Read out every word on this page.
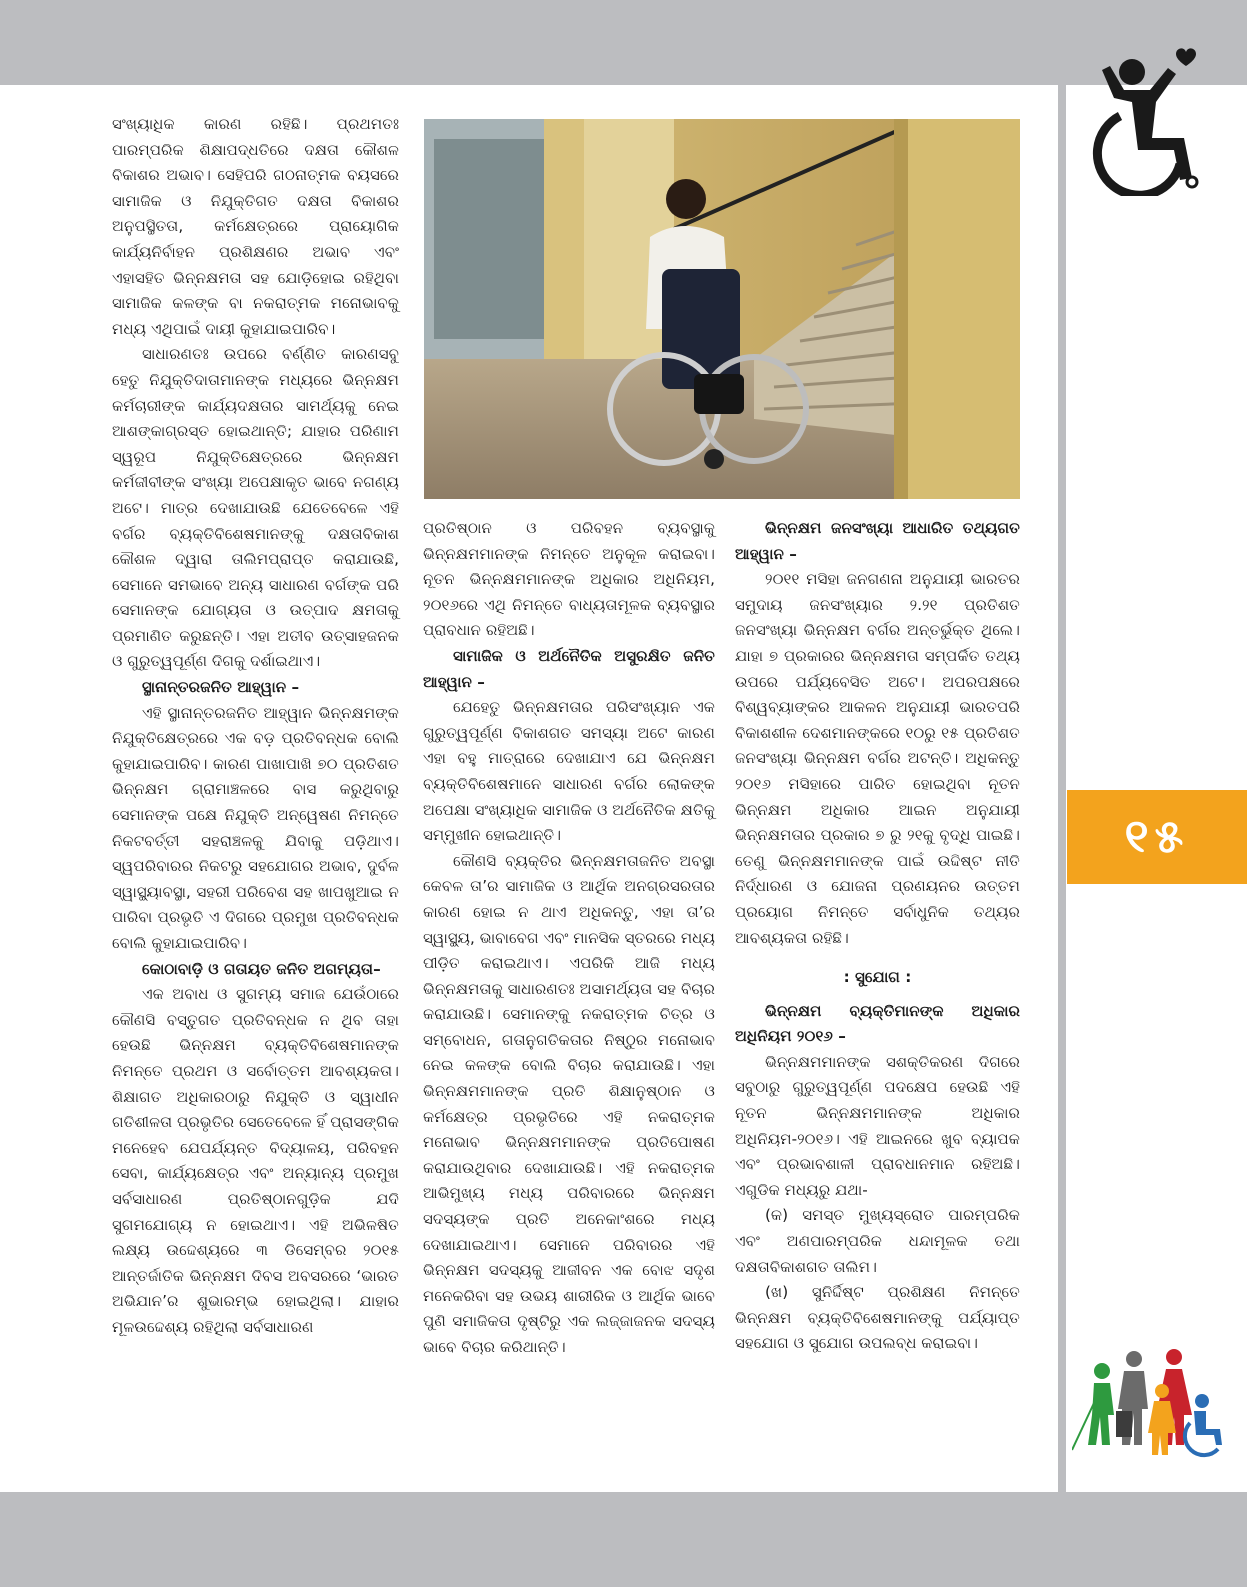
ସଂଖ୍ୟାଧିକ କାରଣ ରହିଛି। ପ୍ରଥମତଃ ପାରମ୍ପରିକ ଶିକ୍ଷାପଦ୍ଧତିରେ ଦକ୍ଷତା କୌଶଳ ବିକାଶର ଅଭାବ। ସେହିପରି ଗଠନାତ୍ମକ ବୟସରେ ସାମାଜିକ ଓ ନିଯୁକ୍ତିଗତ ଦକ୍ଷତା ବିକାଶର ଅନୁପସ୍ଥିତତା, କର୍ମକ୍ଷେତ୍ରରେ ପ୍ରାୟୋଗିକ କାର୍ଯ୍ୟନିର୍ବାହନ ପ୍ରଶିକ୍ଷଣର ଅଭାବ ଏବଂ ଏହାସହିତ ଭିନ୍ନକ୍ଷମତା ସହ ଯୋଡ଼ିହୋଇ ରହିଥିବା ସାମାଜିକ କଳଙ୍କ ବା ନକରାତ୍ମକ ମନୋଭାବକୁ ମଧ୍ୟ ଏଥିପାଇଁ ଦାୟୀ କୁହାଯାଇପାରିବ।

ସାଧାରଣତଃ ଉପରେ ବର୍ଣ୍ଣିତ କାରଣସବୁ ହେତୁ ନିଯୁକ୍ତିଦାତାମାନଙ୍କ ମଧ୍ୟରେ ଭିନ୍ନକ୍ଷମ କର୍ମଚାରୀଙ୍କ କାର୍ଯ୍ୟଦକ୍ଷତାର ସାମର୍ଥ୍ୟକୁ ନେଇ ଆଶଙ୍କାଗ୍ରସ୍ତ ହୋଇଥାନ୍ତି; ଯାହାର ପରିଣାମ ସ୍ୱରୂପ ନିଯୁକ୍ତିକ୍ଷେତ୍ରରେ ଭିନ୍ନକ୍ଷମ କର୍ମଜୀବୀଙ୍କ ସଂଖ୍ୟା ଅପେକ୍ଷାକୃତ ଭାବେ ନଗଣ୍ୟ ଅଟେ। ମାତ୍ର ଦେଖାଯାଉଛି ଯେତେବେଳେ ଏହି ବର୍ଗର ବ୍ୟକ୍ତିବିଶେଷମାନଙ୍କୁ ଦକ୍ଷତାବିକାଶ କୌଶଳ ଦ୍ୱାରା ତାଲିମପ୍ରାପ୍ତ କରାଯାଉଛି, ସେମାନେ ସମଭାବେ ଅନ୍ୟ ସାଧାରଣ ବର୍ଗଙ୍କ ପରି ସେମାନଙ୍କ ଯୋଗ୍ୟତା ଓ ଉତ୍ପାଦ କ୍ଷମତାକୁ ପ୍ରମାଣିତ କରୁଛନ୍ତି। ଏହା ଅତୀବ ଉତ୍ସାହଜନକ ଓ ଗୁରୁତ୍ୱପୂର୍ଣ୍ଣ ଦିଗକୁ ଦର୍ଶାଇଥାଏ।

ସ୍ଥାନାନ୍ତରଜନିତ ଆହ୍ୱାନ –

ଏହି ସ୍ଥାନାନ୍ତରଜନିତ ଆହ୍ୱାନ ଭିନ୍ନକ୍ଷମଙ୍କ ନିଯୁକ୍ତିକ୍ଷେତ୍ରରେ ଏକ ବଡ଼ ପ୍ରତିବନ୍ଧକ ବୋଲି କୁହାଯାଇପାରିବ। କାରଣ ପାଖାପାଖି ୭୦ ପ୍ରତିଶତ ଭିନ୍ନକ୍ଷମ ଗ୍ରାମାଞ୍ଚଳରେ ବାସ କରୁଥିବାରୁ ସେମାନଙ୍କ ପକ୍ଷେ ନିଯୁକ୍ତି ଅନ୍ୱେଷଣ ନିମନ୍ତେ ନିକଟବର୍ତ୍ତୀ ସହରାଞ୍ଚଳକୁ ଯିବାକୁ ପଡ଼ିଥାଏ। ସ୍ୱପରିବାରର ନିକଟରୁ ସହଯୋଗର ଅଭାବ, ଦୁର୍ବଳ ସ୍ୱାସ୍ଥ୍ୟାବସ୍ଥା, ସହରୀ ପରିବେଶ ସହ ଖାପଖୁଆଇ ନ ପାରିବା ପ୍ରଭୃତି ଏ ଦିଗରେ ପ୍ରମୁଖ ପ୍ରତିବନ୍ଧକ ବୋଲି କୁହାଯାଇପାରିବ।

କୋଠାବାଡ଼ି ଓ ଗତାୟତ ଜନିତ ଅଗମ୍ୟତା–

ଏକ ଅବାଧ ଓ ସୁଗମ୍ୟ ସମାଜ ଯେଉଁଠାରେ କୌଣସି ବସ୍ତୁଗତ ପ୍ରତିବନ୍ଧକ ନ ଥିବ ତାହା ହେଉଛି ଭିନ୍ନକ୍ଷମ ବ୍ୟକ୍ତିବିଶେଷମାନଙ୍କ ନିମନ୍ତେ ପ୍ରଥମ ଓ ସର୍ବୋତ୍ତମ ଆବଶ୍ୟକତା। ଶିକ୍ଷାଗତ ଅଧିକାରଠାରୁ ନିଯୁକ୍ତି ଓ ସ୍ୱାଧୀନ ଗତିଶୀଳତା ପ୍ରଭୃତିର ସେତେବେଳେ ହିଁ ପ୍ରାସଙ୍ଗିକ ମନେହେବ ଯେପର୍ଯ୍ୟନ୍ତ ବିଦ୍ୟାଳୟ, ପରିବହନ ସେବା, କାର୍ଯ୍ୟକ୍ଷେତ୍ର ଏବଂ ଅନ୍ୟାନ୍ୟ ପ୍ରମୁଖ ସର୍ବସାଧାରଣ ପ୍ରତିଷ୍ଠାନଗୁଡ଼ିକ ଯଦି ସୁଗମଯୋଗ୍ୟ ନ ହୋଇଥାଏ। ଏହି ଅଭିଳଷିତ ଲକ୍ଷ୍ୟ ଉଦ୍ଦେଶ୍ୟରେ ୩ ଡିସେମ୍ବର ୨୦୧୫ ଆନ୍ତର୍ଜାତିକ ଭିନ୍ନକ୍ଷମ ଦିବସ ଅବସରରେ ‘ଭାରତ ଅଭିଯାନ’ର ଶୁଭାରମ୍ଭ ହୋଇଥିଲା। ଯାହାର ମୂଳଉଦ୍ଦେଶ୍ୟ ରହିଥିଲା ସର୍ବସାଧାରଣ

ପ୍ରତିଷ୍ଠାନ ଓ ପରିବହନ ବ୍ୟବସ୍ଥାକୁ ଭିନ୍ନକ୍ଷମମାନଙ୍କ ନିମନ୍ତେ ଅନୁକୂଳ କରାଇବା। ନୂତନ ଭିନ୍ନକ୍ଷମମାନଙ୍କ ଅଧିକାର ଅଧିନିୟମ, ୨୦୧୬ରେ ଏଥି ନିମନ୍ତେ ବାଧ୍ୟତାମୂଳକ ବ୍ୟବସ୍ଥାର ପ୍ରାବଧାନ ରହିଅଛି।

ସାମାଜିକ ଓ ଅର୍ଥନୈତିକ ଅସୁରକ୍ଷିତ ଜନିତ ଆହ୍ୱାନ –

ଯେହେତୁ ଭିନ୍ନକ୍ଷମତାର ପରିସଂଖ୍ୟାନ ଏକ ଗୁରୁତ୍ୱପୂର୍ଣ୍ଣ ବିକାଶଗତ ସମସ୍ୟା ଅଟେ କାରଣ ଏହା ବହୁ ମାତ୍ରାରେ ଦେଖାଯାଏ ଯେ ଭିନ୍ନକ୍ଷମ ବ୍ୟକ୍ତିବିଶେଷମାନେ ସାଧାରଣ ବର୍ଗର ଲୋକଙ୍କ ଅପେକ୍ଷା ସଂଖ୍ୟାଧିକ ସାମାଜିକ ଓ ଅର୍ଥନୈତିକ କ୍ଷତିକୁ ସମ୍ମୁଖୀନ ହୋଇଥାନ୍ତି।

କୌଣସି ବ୍ୟକ୍ତିର ଭିନ୍ନକ୍ଷମତାଜନିତ ଅବସ୍ଥା କେବଳ ତା’ର ସାମାଜିକ ଓ ଆର୍ଥିକ ଅନଗ୍ରସରତାର କାରଣ ହୋଇ ନ ଥାଏ ଅଧିକନ୍ତୁ, ଏହା ତା’ର ସ୍ୱାସ୍ଥ୍ୟ, ଭାବାବେଗ ଏବଂ ମାନସିକ ସ୍ତରରେ ମଧ୍ୟ ପୀଡ଼ିତ କରାଇଥାଏ। ଏପରିକି ଆଜି ମଧ୍ୟ ଭିନ୍ନକ୍ଷମତାକୁ ସାଧାରଣତଃ ଅସାମର୍ଥ୍ୟତା ସହ ବିଚାର କରାଯାଉଛି। ସେମାନଙ୍କୁ ନକରାତ୍ମକ ଚିତ୍ର ଓ ସମ୍ବୋଧନ, ଗତାନୁଗତିକତାର ନିଷ୍ଠୁର ମନୋଭାବ ନେଇ କଳଙ୍କ ବୋଲି ବିଚାର କରାଯାଉଛି। ଏହା ଭିନ୍ନକ୍ଷମମାନଙ୍କ ପ୍ରତି ଶିକ୍ଷାନୁଷ୍ଠାନ ଓ କର୍ମକ୍ଷେତ୍ର ପ୍ରଭୃତିରେ ଏହି ନକରାତ୍ମକ ମନୋଭାବ ଭିନ୍ନକ୍ଷମମାନଙ୍କ ପ୍ରତିପୋଷଣ କରାଯାଉଥିବାର ଦେଖାଯାଉଛି। ଏହି ନକରାତ୍ମକ ଆଭିମୁଖ୍ୟ ମଧ୍ୟ ପରିବାରରେ ଭିନ୍ନକ୍ଷମ ସଦସ୍ୟଙ୍କ ପ୍ରତି ଅନେକାଂଶରେ ମଧ୍ୟ ଦେଖାଯାଇଥାଏ। ସେମାନେ ପରିବାରର ଏହି ଭିନ୍ନକ୍ଷମ ସଦସ୍ୟକୁ ଆଜୀବନ ଏକ ବୋଝ ସଦୃଶ ମନେକରିବା ସହ ଉଭୟ ଶାରୀରିକ ଓ ଆର୍ଥିକ ଭାବେ ପୁଣି ସମାଜିକତା ଦୃଷ୍ଟିରୁ ଏକ ଲଜ୍ଜାଜନକ ସଦସ୍ୟ ଭାବେ ବିଚାର କରିଥାନ୍ତି।

ଭିନ୍ନକ୍ଷମ ଜନସଂଖ୍ୟା ଆଧାରିତ ତଥ୍ୟଗତ ଆହ୍ୱାନ –

୨୦୧୧ ମସିହା ଜନଗଣନା ଅନୁଯାୟୀ ଭାରତର ସମୁଦାୟ ଜନସଂଖ୍ୟାର ୨.୨୧ ପ୍ରତିଶତ ଜନସଂଖ୍ୟା ଭିନ୍ନକ୍ଷମ ବର୍ଗର ଅନ୍ତର୍ଭୁକ୍ତ ଥିଲେ। ଯାହା ୭ ପ୍ରକାରର ଭିନ୍ନକ୍ଷମତା ସମ୍ପର୍କିତ ତଥ୍ୟ ଉପରେ ପର୍ଯ୍ୟବେସିତ ଅଟେ। ଅପରପକ୍ଷରେ ବିଶ୍ୱବ୍ୟାଙ୍କର ଆକଳନ ଅନୁଯାୟୀ ଭାରତପରି ବିକାଶଶୀଳ ଦେଶମାନଙ୍କରେ ୧୦ରୁ ୧୫ ପ୍ରତିଶତ ଜନସଂଖ୍ୟା ଭିନ୍ନକ୍ଷମ ବର୍ଗର ଅଟନ୍ତି। ଅଧିକନ୍ତୁ ୨୦୧୬ ମସିହାରେ ପାରିତ ହୋଇଥିବା ନୂତନ ଭିନ୍ନକ୍ଷମ ଅଧିକାର ଆଇନ ଅନୁଯାୟୀ ଭିନ୍ନକ୍ଷମତାର ପ୍ରକାର ୭ ରୁ ୨୧କୁ ବୃଦ୍ଧି ପାଇଛି। ତେଣୁ ଭିନ୍ନକ୍ଷମମାନଙ୍କ ପାଇଁ ଉଦ୍ଦିଷ୍ଟ ନୀତି ନିର୍ଦ୍ଧାରଣ ଓ ଯୋଜନା ପ୍ରଣୟନର ଉତ୍ତମ ପ୍ରୟୋଗ ନିମନ୍ତେ ସର୍ବାଧୁନିକ ତଥ୍ୟର ଆବଶ୍ୟକତା ରହିଛି।

: ସୁଯୋଗ :

ଭିନ୍ନକ୍ଷମ ବ୍ୟକ୍ତିମାନଙ୍କ ଅଧିକାର ଅଧିନିୟମ ୨୦୧୬ –

ଭିନ୍ନକ୍ଷମମାନଙ୍କ ସଶକ୍ତିକରଣ ଦିଗରେ ସବୁଠାରୁ ଗୁରୁତ୍ୱପୂର୍ଣ୍ଣ ପଦକ୍ଷେପ ହେଉଛି ଏହି ନୂତନ ଭିନ୍ନକ୍ଷମମାନଙ୍କ ଅଧିକାର ଅଧିନିୟମ-୨୦୧୬। ଏହି ଆଇନରେ ଖୁବ ବ୍ୟାପକ ଏବଂ ପ୍ରଭାବଶାଳୀ ପ୍ରାବଧାନମାନ ରହିଅଛି। ଏଗୁଡିକ ମଧ୍ୟରୁ ଯଥା-

(କ) ସମସ୍ତ ମୁଖ୍ୟସ୍ରୋତ ପାରମ୍ପରିକ ଏବଂ ଅଣପାରମ୍ପରିକ ଧନ୍ଦାମୂଳକ ତଥା ଦକ୍ଷତାବିକାଶଗତ ତାଲିମ।

(ଖ) ସୁନିର୍ଦ୍ଦିଷ୍ଟ ପ୍ରଶିକ୍ଷଣ ନିମନ୍ତେ ଭିନ୍ନକ୍ଷମ ବ୍ୟକ୍ତିବିଶେଷମାନଙ୍କୁ ପର୍ଯ୍ୟାପ୍ତ ସହଯୋଗ ଓ ସୁଯୋଗ ଉପଲବ୍ଧ କରାଇବା।

୧୫
